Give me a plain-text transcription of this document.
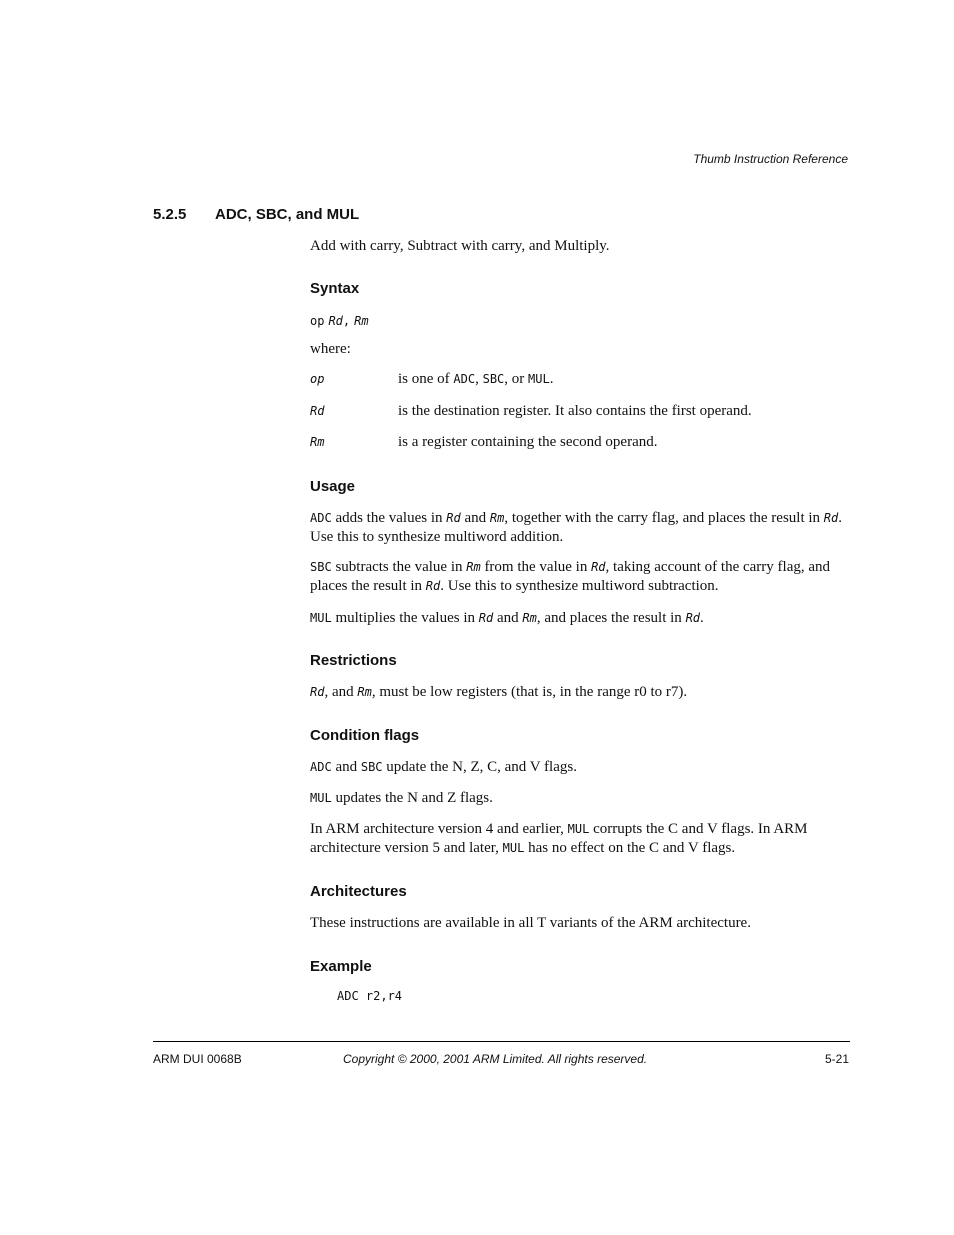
Thumb Instruction Reference
5.2.5 ADC, SBC, and MUL
Add with carry, Subtract with carry, and Multiply.
Syntax
op Rd, Rm
where:
op	is one of ADC, SBC, or MUL.
Rd	is the destination register. It also contains the first operand.
Rm	is a register containing the second operand.
Usage
ADC adds the values in Rd and Rm, together with the carry flag, and places the result in Rd.
Use this to synthesize multiword addition.
SBC subtracts the value in Rm from the value in Rd, taking account of the carry flag, and
places the result in Rd. Use this to synthesize multiword subtraction.
MUL multiplies the values in Rd and Rm, and places the result in Rd.
Restrictions
Rd, and Rm, must be low registers (that is, in the range r0 to r7).
Condition flags
ADC and SBC update the N, Z, C, and V flags.
MUL updates the N and Z flags.
In ARM architecture version 4 and earlier, MUL corrupts the C and V flags. In ARM
architecture version 5 and later, MUL has no effect on the C and V flags.
Architectures
These instructions are available in all T variants of the ARM architecture.
Example
ADC r2,r4
ARM DUI 0068B	Copyright © 2000, 2001 ARM Limited. All rights reserved.	5-21
